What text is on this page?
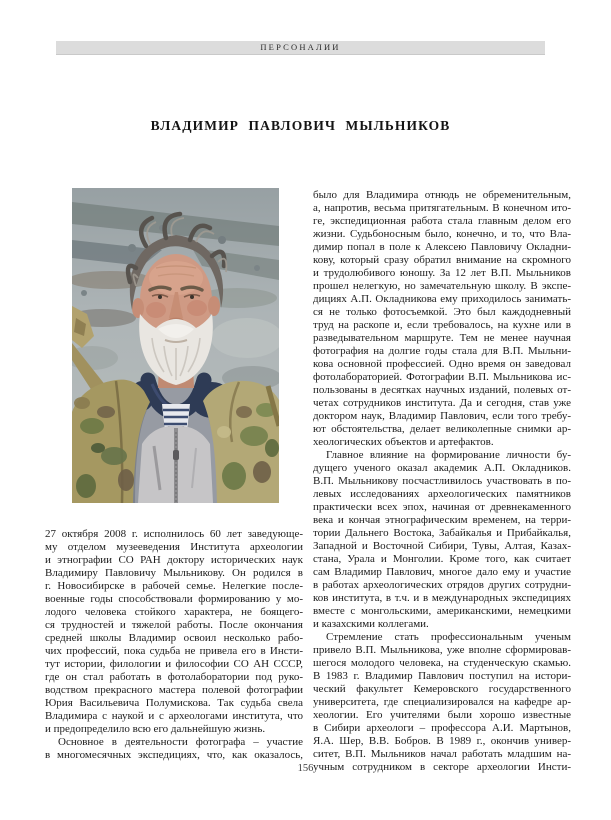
ПЕРСОНАЛИИ
ВЛАДИМИР ПАВЛОВИЧ МЫЛЬНИКОВ
27 октября 2008 г. исполнилось 60 лет заведующе-
му отделом музееведения Института археологии
и этнографии СО РАН доктору исторических наук
Владимиру Павловичу Мыльникову. Он родился в
г. Новосибирске в рабочей семье. Нелегкие после-
военные годы способствовали формированию у мо-
лодого человека стойкого характера, не боящего-
ся трудностей и тяжелой работы. После окончания
средней школы Владимир освоил несколько рабо-
чих профессий, пока судьба не привела его в Инсти-
тут истории, филологии и философии СО АН СССР,
где он стал работать в фотолаборатории под руко-
водством прекрасного мастера полевой фотографии
Юрия Васильевича Полумискова. Так судьба свела
Владимира с наукой и с археологами института, что
и предопределило всю его дальнейшую жизнь.
Основное в деятельности фотографа – участие
в многомесячных экспедициях, что, как оказалось,
было для Владимира отнюдь не обременительным,
а, напротив, весьма притягательным. В конечном ито-
ге, экспедиционная работа стала главным делом его
жизни. Судьбоносным было, конечно, и то, что Вла-
димир попал в поле к Алексею Павловичу Окладни-
кову, который сразу обратил внимание на скромного
и трудолюбивого юношу. За 12 лет В.П. Мыльников
прошел нелегкую, но замечательную школу. В экспе-
дициях А.П. Окладникова ему приходилось занимать-
ся не только фотосъемкой. Это был каждодневный
труд на раскопе и, если требовалось, на кухне или в
разведывательном маршруте. Тем не менее научная
фотография на долгие годы стала для В.П. Мыльни-
кова основной профессией. Одно время он заведовал
фотолабораторией. Фотографии В.П. Мыльникова ис-
пользованы в десятках научных изданий, полевых от-
четах сотрудников института. Да и сегодня, став уже
доктором наук, Владимир Павлович, если того требу-
ют обстоятельства, делает великолепные снимки ар-
хеологических объектов и артефактов.
Главное влияние на формирование личности бу-
дущего ученого оказал академик А.П. Окладников.
В.П. Мыльникову посчастливилось участвовать в по-
левых исследованиях археологических памятников
практически всех эпох, начиная от древнекаменного
века и кончая этнографическим временем, на терри-
тории Дальнего Востока, Забайкалья и Прибайкалья,
Западной и Восточной Сибири, Тувы, Алтая, Казах-
стана, Урала и Монголии. Кроме того, как считает
сам Владимир Павлович, многое дало ему и участие
в работах археологических отрядов других сотрудни-
ков института, в т.ч. и в международных экспедициях
вместе с монгольскими, американскими, немецкими
и казахскими коллегами.
Стремление стать профессиональным ученым
привело В.П. Мыльникова, уже вполне сформировав-
шегося молодого человека, на студенческую скамью.
В 1983 г. Владимир Павлович поступил на истори-
ческий факультет Кемеровского государственного
университета, где специализировался на кафедре ар-
хеологии. Его учителями были хорошо известные
в Сибири археологи – профессора А.И. Мартынов,
Я.А. Шер, В.В. Бобров. В 1989 г., окончив универ-
ситет, В.П. Мыльников начал работать младшим на-
учным сотрудником в секторе археологии Инсти-
156
